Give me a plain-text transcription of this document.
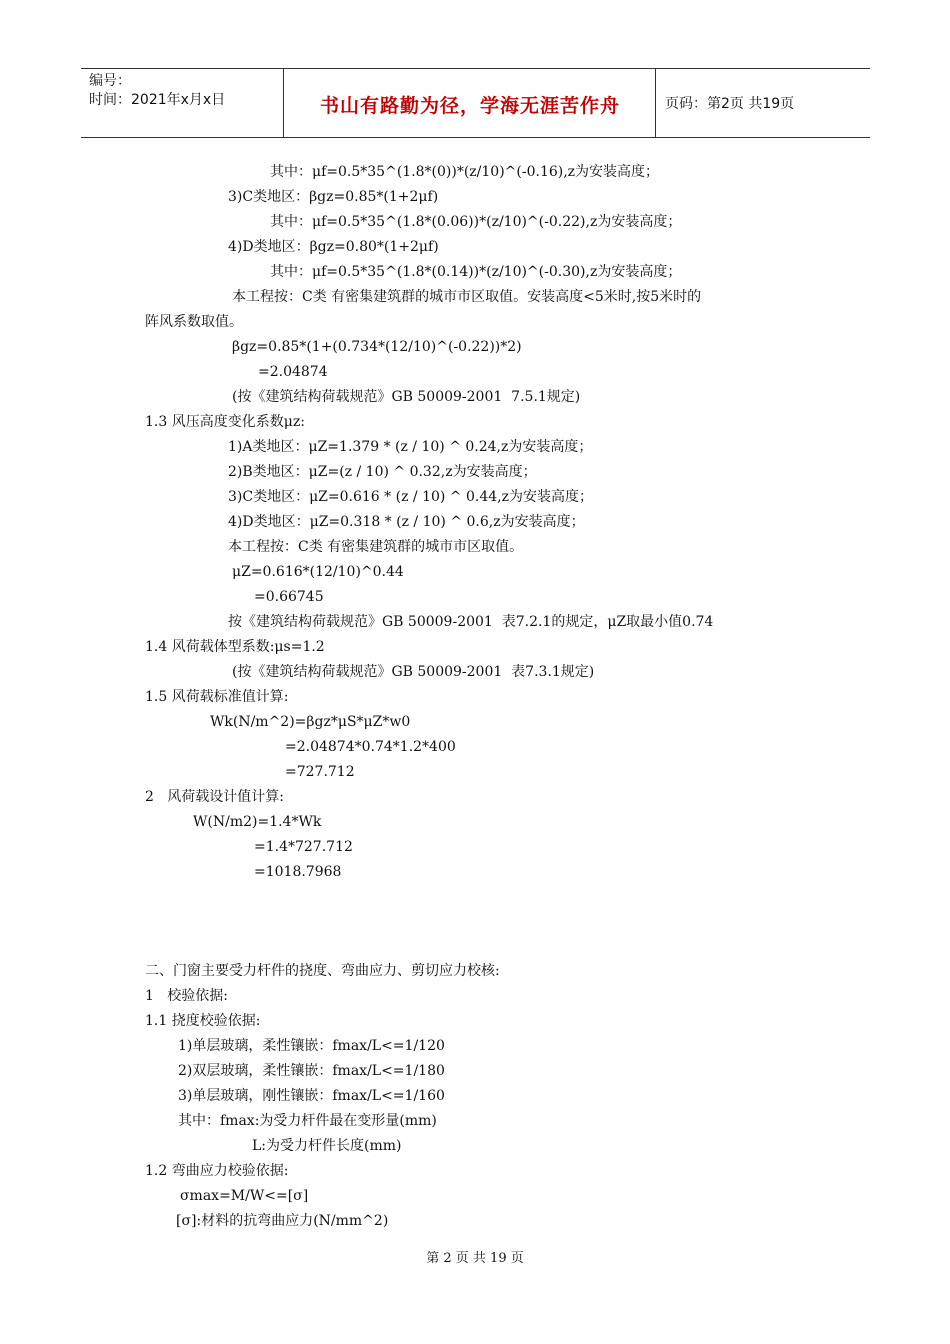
编号：
时间：2021年x月x日	书山有路勤为径，学海无涯苦作舟	页码：第2页 共19页
其中：μf=0.5*35^(1.8*(0))*(z/10)^(-0.16),z为安装高度；
3)C类地区：βgz=0.85*(1+2μf)
其中：μf=0.5*35^(1.8*(0.06))*(z/10)^(-0.22),z为安装高度；
4)D类地区：βgz=0.80*(1+2μf)
其中：μf=0.5*35^(1.8*(0.14))*(z/10)^(-0.30),z为安装高度；
本工程按：C类 有密集建筑群的城市市区取值。安装高度<5米时,按5米时的
阵风系数取值。
βgz=0.85*(1+(0.734*(12/10)^(-0.22))*2)
=2.04874
(按《建筑结构荷载规范》GB 50009-2001  7.5.1规定)
1.3 风压高度变化系数μz:
1)A类地区：μZ=1.379 * (z / 10) ^ 0.24,z为安装高度；
2)B类地区：μZ=(z / 10) ^ 0.32,z为安装高度；
3)C类地区：μZ=0.616 * (z / 10) ^ 0.44,z为安装高度；
4)D类地区：μZ=0.318 * (z / 10) ^ 0.6,z为安装高度；
本工程按：C类 有密集建筑群的城市市区取值。
μZ=0.616*(12/10)^0.44
=0.66745
按《建筑结构荷载规范》GB 50009-2001  表7.2.1的规定，μZ取最小值0.74
1.4 风荷载体型系数:μs=1.2
(按《建筑结构荷载规范》GB 50009-2001  表7.3.1规定)
1.5 风荷载标准值计算:
Wk(N/m^2)=βgz*μS*μZ*w0
=2.04874*0.74*1.2*400
=727.712
2   风荷载设计值计算:
W(N/m2)=1.4*Wk
=1.4*727.712
=1018.7968
二、门窗主要受力杆件的挠度、弯曲应力、剪切应力校核:
1   校验依据:
1.1 挠度校验依据:
1)单层玻璃，柔性镶嵌：fmax/L<=1/120
2)双层玻璃，柔性镶嵌：fmax/L<=1/180
3)单层玻璃，刚性镶嵌：fmax/L<=1/160
其中：fmax:为受力杆件最在变形量(mm)
L:为受力杆件长度(mm)
1.2 弯曲应力校验依据:
σmax=M/W<=[σ]
[σ]:材料的抗弯曲应力(N/mm^2)
第 2 页 共 19 页
